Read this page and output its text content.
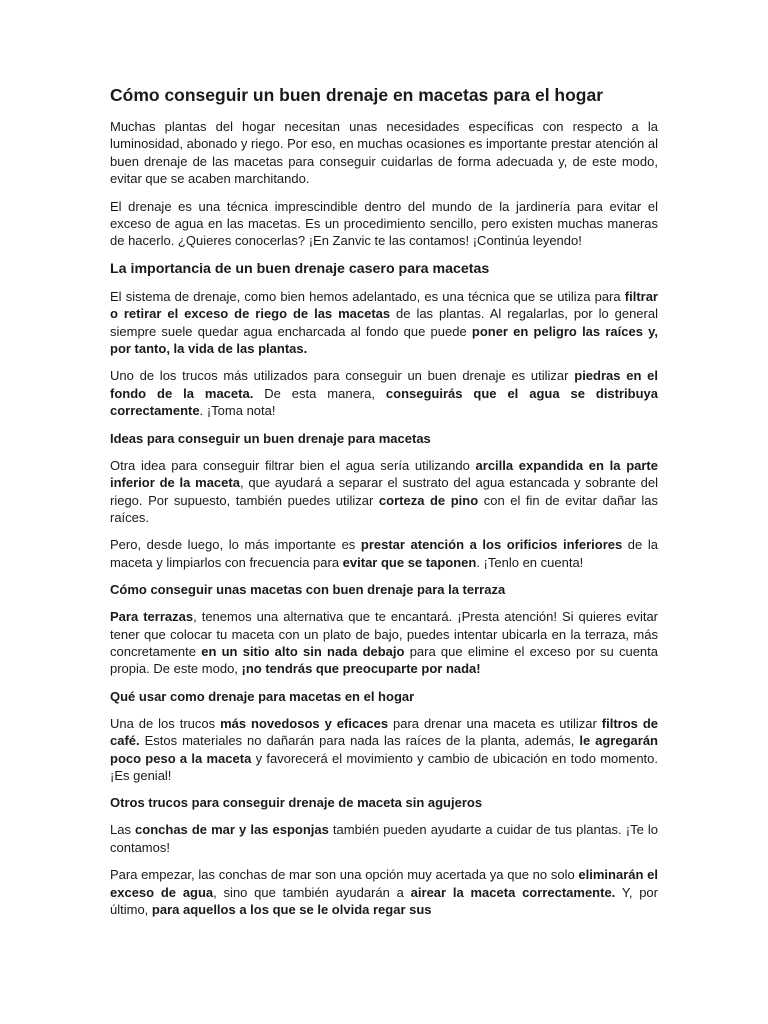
Cómo conseguir un buen drenaje en macetas para el hogar

Muchas plantas del hogar necesitan unas necesidades específicas con respecto a la luminosidad, abonado y riego. Por eso, en muchas ocasiones es importante prestar atención al buen drenaje de las macetas para conseguir cuidarlas de forma adecuada y, de este modo, evitar que se acaben marchitando.

El drenaje es una técnica imprescindible dentro del mundo de la jardinería para evitar el exceso de agua en las macetas. Es un procedimiento sencillo, pero existen muchas maneras de hacerlo. ¿Quieres conocerlas? ¡En Zanvic te las contamos! ¡Continúa leyendo!

La importancia de un buen drenaje casero para macetas

El sistema de drenaje, como bien hemos adelantado, es una técnica que se utiliza para filtrar o retirar el exceso de riego de las macetas de las plantas. Al regalarlas, por lo general siempre suele quedar agua encharcada al fondo que puede poner en peligro las raíces y, por tanto, la vida de las plantas.

Uno de los trucos más utilizados para conseguir un buen drenaje es utilizar piedras en el fondo de la maceta. De esta manera, conseguirás que el agua se distribuya correctamente. ¡Toma nota!

Ideas para conseguir un buen drenaje para macetas

Otra idea para conseguir filtrar bien el agua sería utilizando arcilla expandida en la parte inferior de la maceta, que ayudará a separar el sustrato del agua estancada y sobrante del riego. Por supuesto, también puedes utilizar corteza de pino con el fin de evitar dañar las raíces.

Pero, desde luego, lo más importante es prestar atención a los orificios inferiores de la maceta y limpiarlos con frecuencia para evitar que se taponen. ¡Tenlo en cuenta!

Cómo conseguir unas macetas con buen drenaje para la terraza

Para terrazas, tenemos una alternativa que te encantará. ¡Presta atención! Si quieres evitar tener que colocar tu maceta con un plato de bajo, puedes intentar ubicarla en la terraza, más concretamente en un sitio alto sin nada debajo para que elimine el exceso por su cuenta propia. De este modo, ¡no tendrás que preocuparte por nada!

Qué usar como drenaje para macetas en el hogar

Una de los trucos más novedosos y eficaces para drenar una maceta es utilizar filtros de café. Estos materiales no dañarán para nada las raíces de la planta, además, le agregarán poco peso a la maceta y favorecerá el movimiento y cambio de ubicación en todo momento. ¡Es genial!

Otros trucos para conseguir drenaje de maceta sin agujeros

Las conchas de mar y las esponjas también pueden ayudarte a cuidar de tus plantas. ¡Te lo contamos!

Para empezar, las conchas de mar son una opción muy acertada ya que no solo eliminarán el exceso de agua, sino que también ayudarán a airear la maceta correctamente. Y, por último, para aquellos a los que se le olvida regar sus
